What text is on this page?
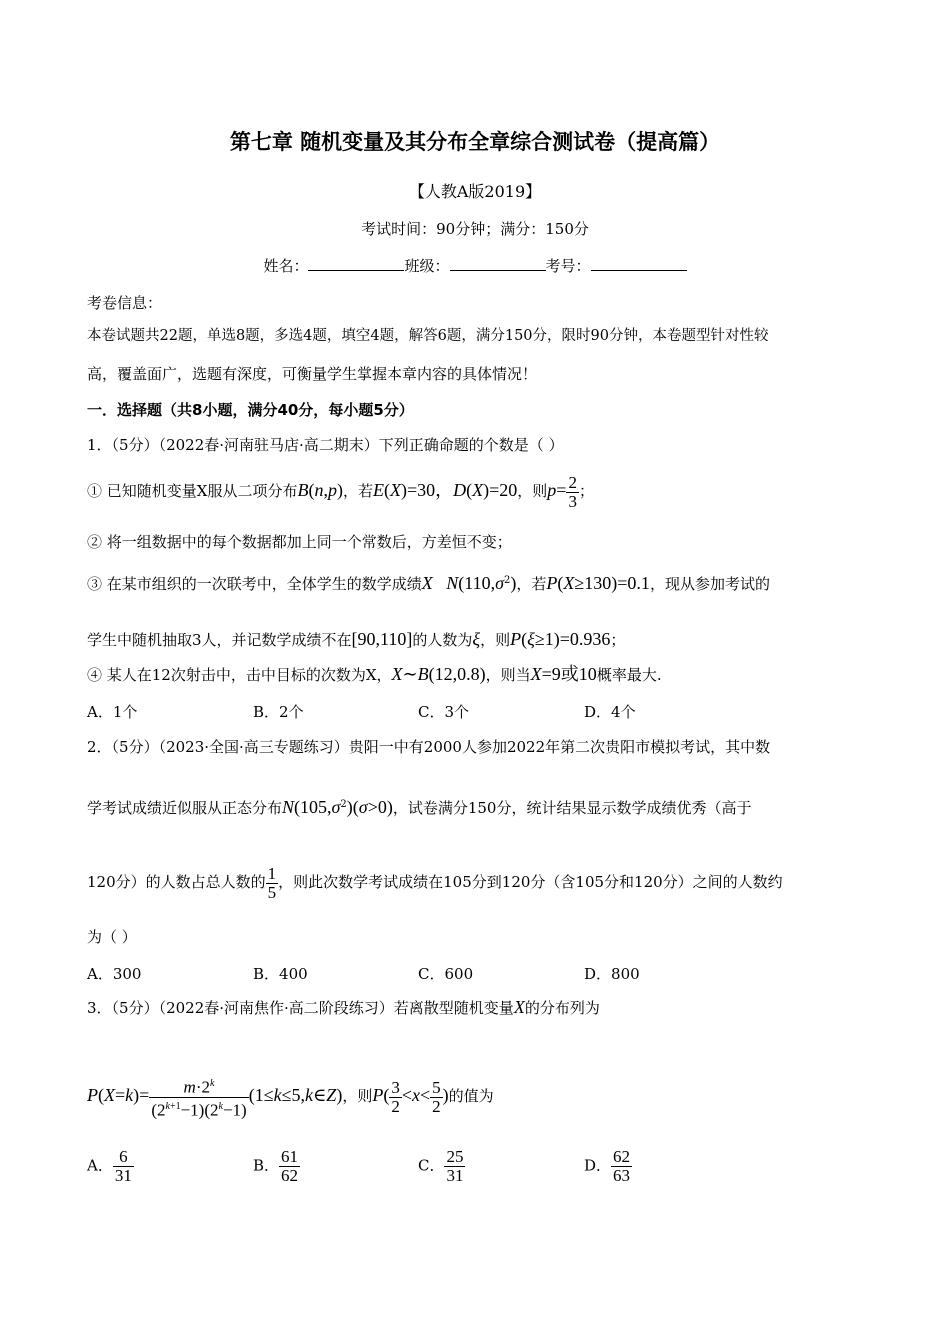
第七章 随机变量及其分布全章综合测试卷（提高篇）
【人教A版2019】
考试时间：90分钟；满分：150分
姓名：	班级：	考号：
考卷信息：
本卷试题共22题，单选8题，多选4题，填空4题，解答6题，满分150分，限时90分钟，本卷题型针对性较
高，覆盖面广，选题有深度，可衡量学生掌握本章内容的具体情况！
一．选择题（共8小题，满分40分，每小题5分）
1．（5分）（2022春·河南驻马店·高二期末）下列正确命题的个数是（ ）
① 已知随机变量X服从二项分布B(n,p)，若E(X)=30，D(X)=20，则$p= \frac{2}{3}$ ；
② 将一组数据中的每个数据都加上同一个常数后，方差恒不变；
③ 在某市组织的一次联考中，全体学生的数学成绩X $N(110,\sigma^2)$，若P(X≥130)=0.1，现从参加考试的
学生中随机抽取3人，并记数学成绩不在[90,110]的人数为ξ，则P(ξ≥1)=0.936；
④ 某人在12次射击中，击中目标的次数为X，X∼B(12,0.8)，则当X=9或10概率最大.
A．1个	B．2个	C．3个	D．4个
2．（5分）（2023·全国·高三专题练习）贵阳一中有2000人参加2022年第二次贵阳市模拟考试，其中数
学考试成绩近似服从正态分布$N(105,\sigma^2)(\sigma>0)$，试卷满分150分，统计结果显示数学成绩优秀（高于
120分）的人数占总人数的 $\frac{1}{5}$ ，则此次数学考试成绩在105分到120分（含105分和120分）之间的人数约
为（ ）
A．300	B．400	C．600	D．800
3．（5分）（2022春·河南焦作·高二阶段练习）若离散型随机变量X的分布列为
$P(X=k)= \frac{m\cdot 2^k}{(2^{k+1}-1)(2^k-1)}$ (1≤k≤5,k∈Z)，则$P( \frac{3}{2} <x< \frac{5}{2}$ )的值为
A． $\frac{6}{31}$	B． $\frac{61}{62}$	C． $\frac{25}{31}$	D． $\frac{62}{63}$
